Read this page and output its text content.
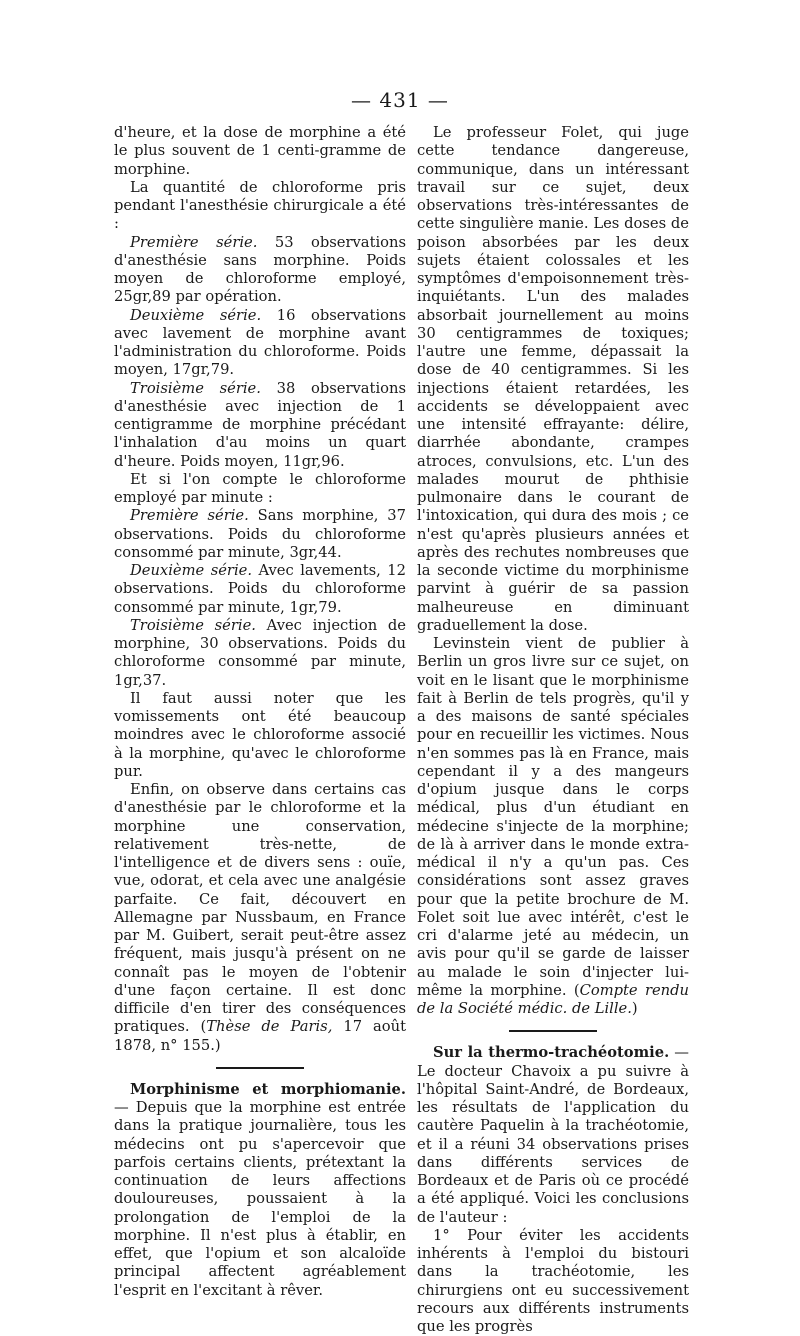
— 431 —

d'heure, et la dose de morphine a été le plus souvent de 1 centi-gramme de morphine.

La quantité de chloroforme pris pendant l'anesthésie chirurgicale a été :

Première série. 53 observations d'anesthésie sans morphine. Poids moyen de chloroforme employé, 25gr,89 par opération.

Deuxième série. 16 observations avec lavement de morphine avant l'administration du chloroforme. Poids moyen, 17gr,79.

Troisième série. 38 observations d'anesthésie avec injection de 1 centigramme de morphine précédant l'inhalation d'au moins un quart d'heure. Poids moyen, 11gr,96.

Et si l'on compte le chloroforme employé par minute :

Première série. Sans morphine, 37 observations. Poids du chloroforme consommé par minute, 3gr,44.

Deuxième série. Avec lavements, 12 observations. Poids du chloroforme consommé par minute, 1gr,79.

Troisième série. Avec injection de morphine, 30 observations. Poids du chloroforme consommé par minute, 1gr,37.

Il faut aussi noter que les vomissements ont été beaucoup moindres avec le chloroforme associé à la morphine, qu'avec le chloroforme pur.

Enfin, on observe dans certains cas d'anesthésie par le chloroforme et la morphine une conservation, relativement très-nette, de l'intelligence et de divers sens : ouïe, vue, odorat, et cela avec une analgésie parfaite. Ce fait, découvert en Allemagne par Nussbaum, en France par M. Guibert, serait peut-être assez fréquent, mais jusqu'à présent on ne connaît pas le moyen de l'obtenir d'une façon certaine. Il est donc difficile d'en tirer des conséquences pratiques. (Thèse de Paris, 17 août 1878, n° 155.)

Morphinisme et morphiomanie. — Depuis que la morphine est entrée dans la pratique journalière, tous les médecins ont pu s'apercevoir que parfois certains clients, prétextant la continuation de leurs affections douloureuses, poussaient à la prolongation de l'emploi de la morphine. Il n'est plus à établir, en effet, que l'opium et son alcaloïde principal affectent agréablement l'esprit en l'excitant à rêver.

Le professeur Folet, qui juge cette tendance dangereuse, communique, dans un intéressant travail sur ce sujet, deux observations très-intéressantes de cette singulière manie. Les doses de poison absorbées par les deux sujets étaient colossales et les symptômes d'empoisonnement très-inquiétants. L'un des malades absorbait journellement au moins 30 centigrammes de toxiques; l'autre une femme, dépassait la dose de 40 centigrammes. Si les injections étaient retardées, les accidents se développaient avec une intensité effrayante: délire, diarrhée abondante, crampes atroces, convulsions, etc. L'un des malades mourut de phthisie pulmonaire dans le courant de l'intoxication, qui dura des mois ; ce n'est qu'après plusieurs années et après des rechutes nombreuses que la seconde victime du morphinisme parvint à guérir de sa passion malheureuse en diminuant graduellement la dose.

Levinstein vient de publier à Berlin un gros livre sur ce sujet, on voit en le lisant que le morphinisme fait à Berlin de tels progrès, qu'il y a des maisons de santé spéciales pour en recueillir les victimes. Nous n'en sommes pas là en France, mais cependant il y a des mangeurs d'opium jusque dans le corps médical, plus d'un étudiant en médecine s'injecte de la morphine; de là à arriver dans le monde extra-médical il n'y a qu'un pas. Ces considérations sont assez graves pour que la petite brochure de M. Folet soit lue avec intérêt, c'est le cri d'alarme jeté au médecin, un avis pour qu'il se garde de laisser au malade le soin d'injecter lui-même la morphine. (Compte rendu de la Société médic. de Lille.)

Sur la thermo-trachéotomie. — Le docteur Chavoix a pu suivre à l'hôpital Saint-André, de Bordeaux, les résultats de l'application du cautère Paquelin à la trachéotomie, et il a réuni 34 observations prises dans différents services de Bordeaux et de Paris où ce procédé a été appliqué. Voici les conclusions de l'auteur :

1° Pour éviter les accidents inhérents à l'emploi du bistouri dans la trachéotomie, les chirurgiens ont eu successivement recours aux différents instruments que les progrès
